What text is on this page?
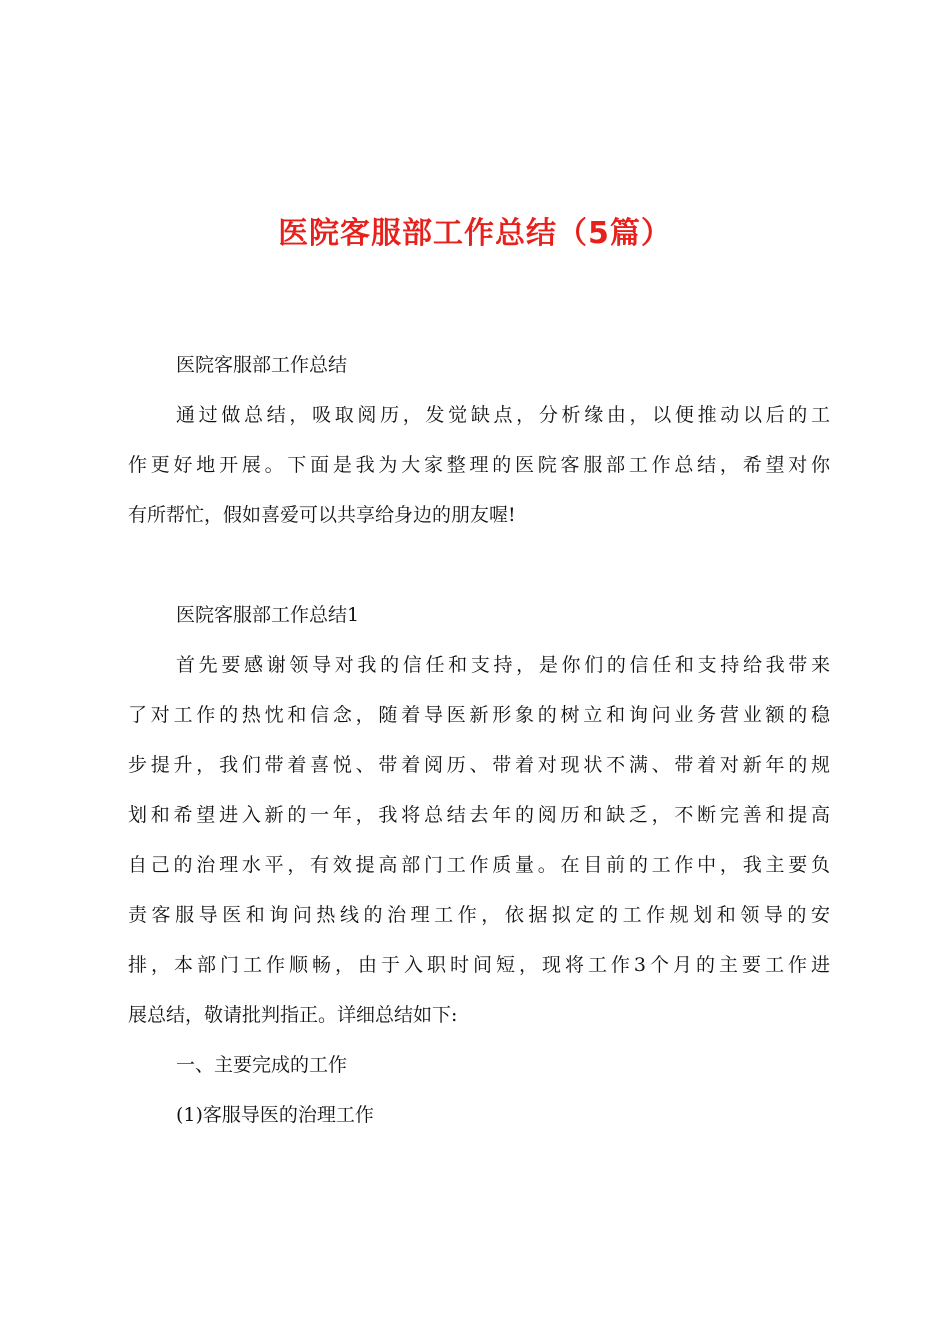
医院客服部工作总结（5篇）
医院客服部工作总结
通过做总结，吸取阅历，发觉缺点，分析缘由，以便推动以后的工
作更好地开展。下面是我为大家整理的医院客服部工作总结，希望对你
有所帮忙，假如喜爱可以共享给身边的朋友喔!
医院客服部工作总结1
首先要感谢领导对我的信任和支持，是你们的信任和支持给我带来
了对工作的热忱和信念，随着导医新形象的树立和询问业务营业额的稳
步提升，我们带着喜悦、带着阅历、带着对现状不满、带着对新年的规
划和希望进入新的一年，我将总结去年的阅历和缺乏，不断完善和提高
自己的治理水平，有效提高部门工作质量。在目前的工作中，我主要负
责客服导医和询问热线的治理工作，依据拟定的工作规划和领导的安
排，本部门工作顺畅，由于入职时间短，现将工作3个月的主要工作进
展总结，敬请批判指正。详细总结如下:
一、主要完成的工作
(1)客服导医的治理工作
